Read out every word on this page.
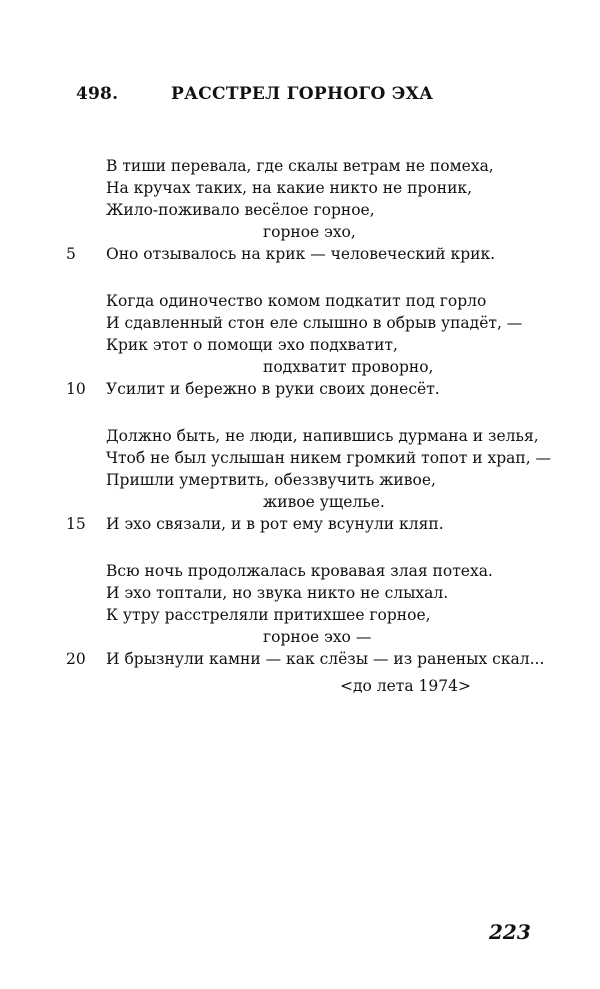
498.	РАССТРЕЛ ГОРНОГО ЭХА
В тиши перевала, где скалы ветрам не помеха,
На кручах таких, на какие никто не проник,
Жило-поживало весёлое горное,
горное эхо,
5	Оно отзывалось на крик — человеческий крик.
Когда одиночество комом подкатит под горло
И сдавленный стон еле слышно в обрыв упадёт, —
Крик этот о помощи эхо подхватит,
подхватит проворно,
10	Усилит и бережно в руки своих донесёт.
Должно быть, не люди, напившись дурмана и зелья,
Чтоб не был услышан никем громкий топот и храп, —
Пришли умертвить, обеззвучить живое,
живое ущелье.
15	И эхо связали, и в рот ему всунули кляп.
Всю ночь продолжалась кровавая злая потеха.
И эхо топтали, но звука никто не слыхал.
К утру расстреляли притихшее горное,
горное эхо —
20	И брызнули камни — как слёзы — из раненых скал...
<до лета 1974>
223
